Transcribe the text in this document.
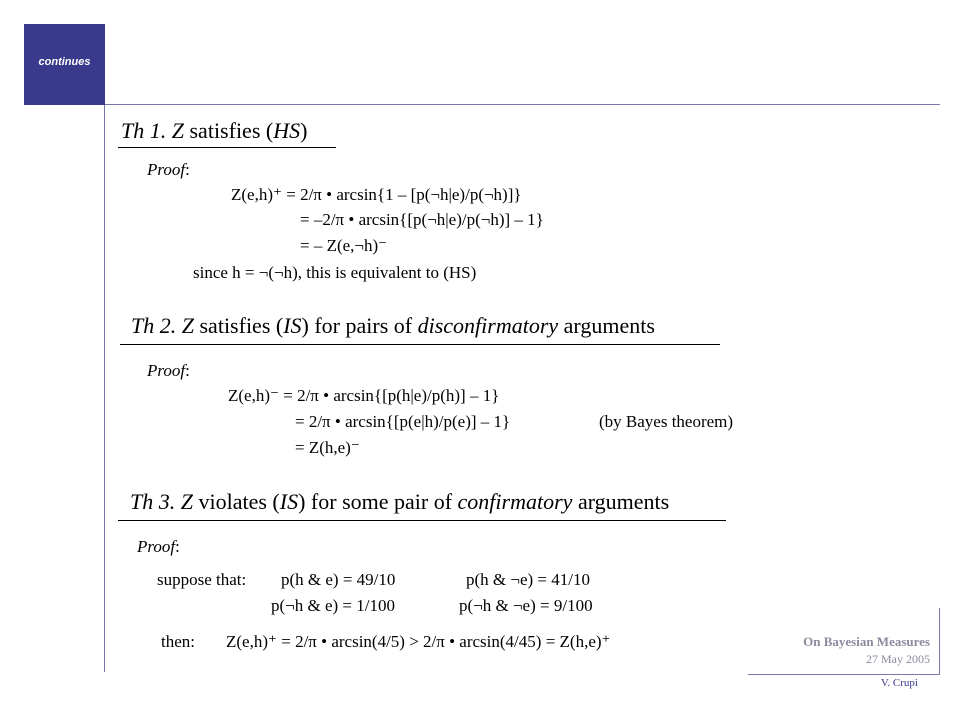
continues
Th 1. Z satisfies (HS)
Proof:
Z(e,h)⁺ = 2/π • arcsin{1 – [p(¬h|e)/p(¬h)]}
= –2/π • arcsin{[p(¬h|e)/p(¬h)] – 1}
= – Z(e,¬h)⁻
since h = ¬(¬h), this is equivalent to (HS)
Th 2. Z satisfies (IS) for pairs of disconfirmatory arguments
Proof:
Z(e,h)⁻ = 2/π • arcsin{[p(h|e)/p(h)] – 1}
= 2/π • arcsin{[p(e|h)/p(e)] – 1}	(by Bayes theorem)
= Z(h,e)⁻
Th 3. Z violates (IS) for some pair of confirmatory arguments
Proof:
suppose that: p(h & e) = 49/10	p(h & ¬e) = 41/10
p(¬h & e) = 1/100	p(¬h & ¬e) = 9/100
then: Z(e,h)⁺ = 2/π • arcsin(4/5) > 2/π • arcsin(4/45) = Z(h,e)⁺	On Bayesian Measures
27 May 2005
V. Crupi
